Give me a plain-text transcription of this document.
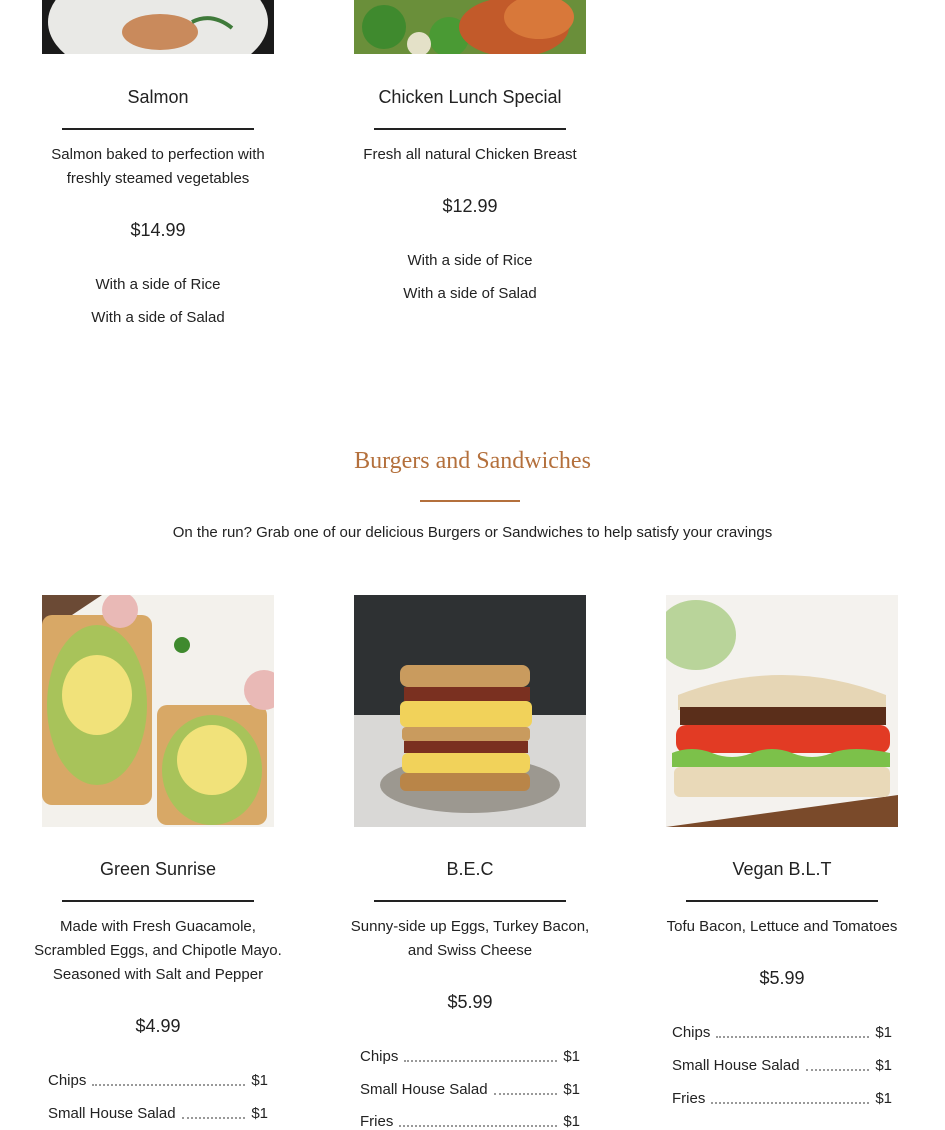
Salmon
Salmon baked to perfection with freshly steamed vegetables
$14.99
With a side of Rice
With a side of Salad
Chicken Lunch Special
Fresh all natural Chicken Breast
$12.99
With a side of Rice
With a side of Salad
Burgers and Sandwiches
On the run? Grab one of our delicious Burgers or Sandwiches to help satisfy your cravings
Green Sunrise
Made with Fresh Guacamole, Scrambled Eggs, and Chipotle Mayo. Seasoned with Salt and Pepper
$4.99
Chips	$1
Small House Salad	$1
B.E.C
Sunny-side up Eggs, Turkey Bacon, and Swiss Cheese
$5.99
Chips	$1
Small House Salad	$1
Fries	$1
Vegan B.L.T
Tofu Bacon, Lettuce and Tomatoes
$5.99
Chips	$1
Small House Salad	$1
Fries	$1
